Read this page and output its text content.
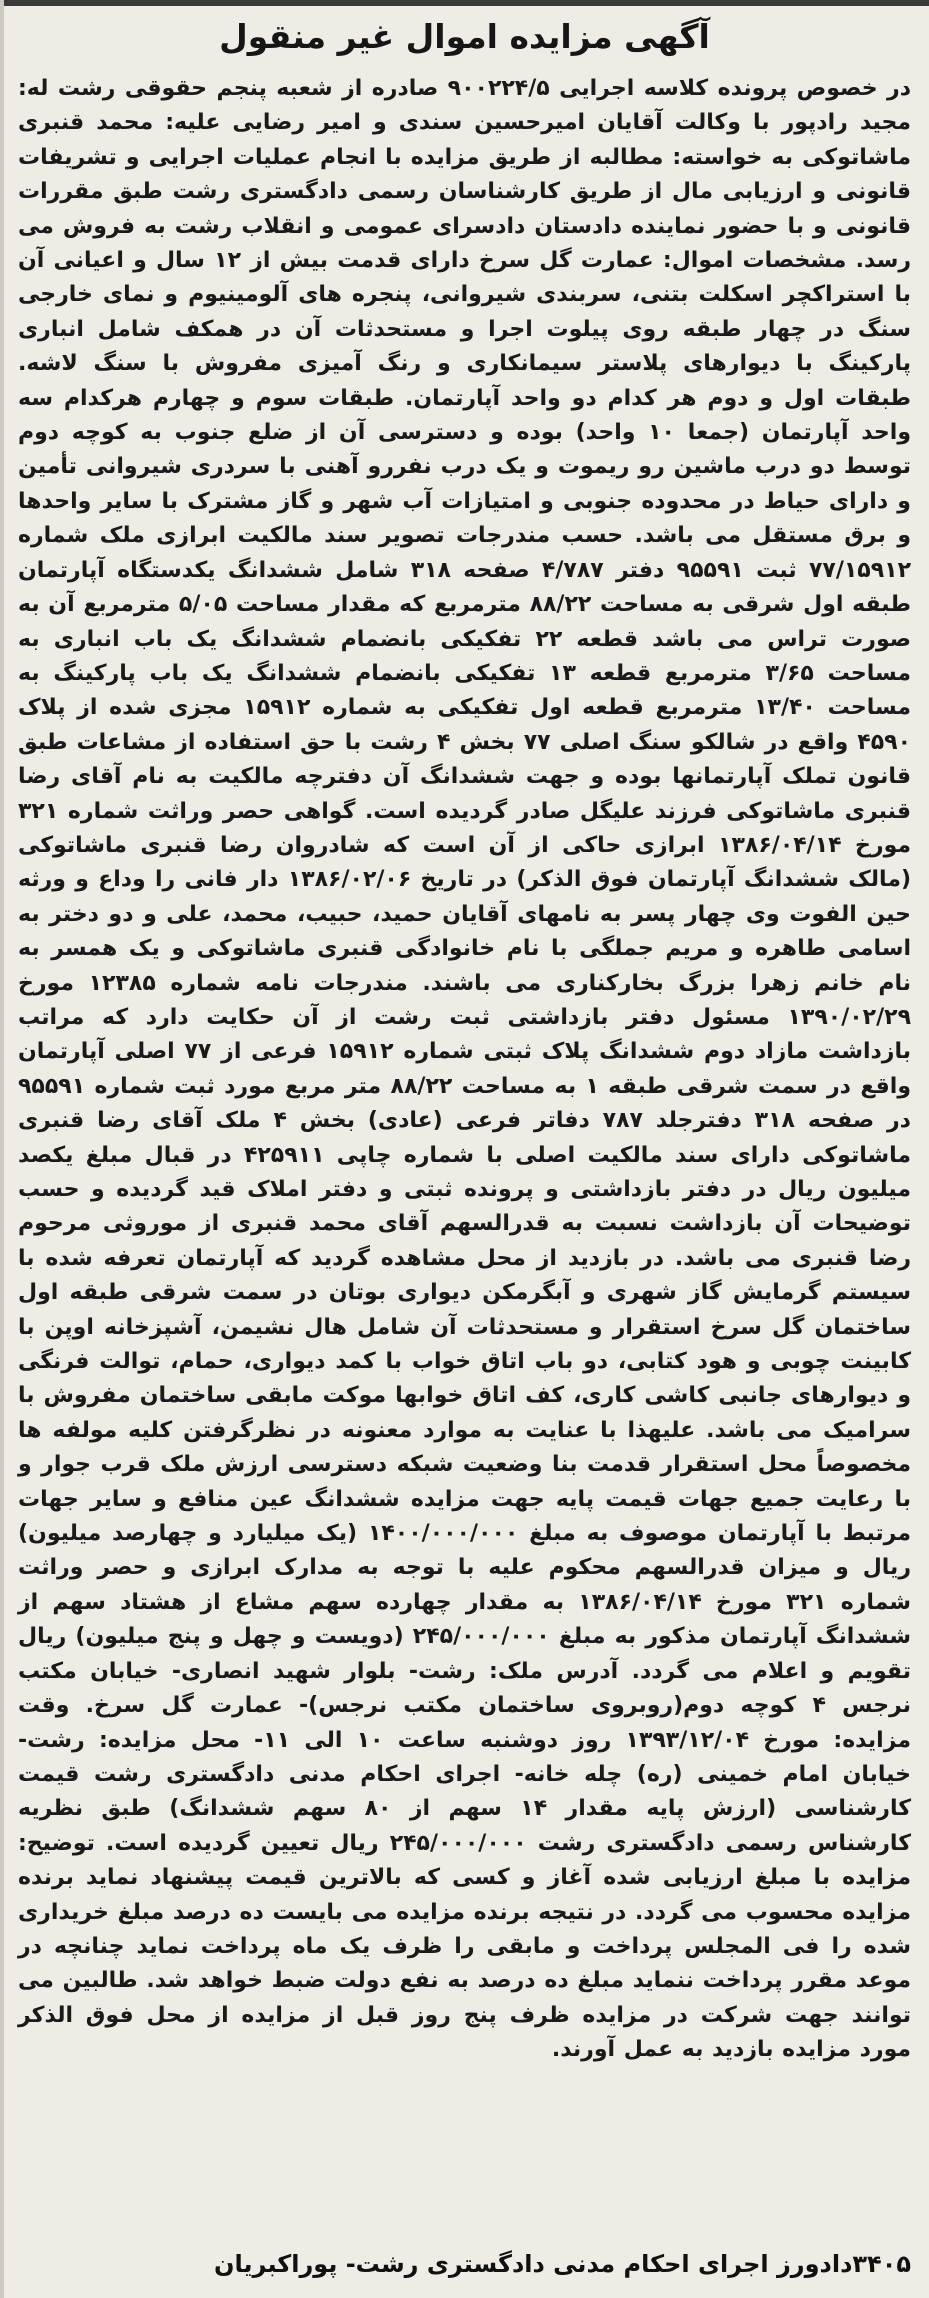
آگهی مزایده اموال غیر منقول
در خصوص پرونده کلاسه اجرایی ۹۰۰۲۲۴/۵ صادره از شعبه پنجم حقوقی رشت له: مجید رادپور با وکالت آقایان امیرحسین سندی و امیر رضایی علیه: محمد قنبری ماشاتوکی به خواسته: مطالبه از طریق مزایده با انجام عملیات اجرایی و تشریفات قانونی و ارزیابی مال از طریق کارشناسان رسمی دادگستری رشت طبق مقررات قانونی و با حضور نماینده دادستان دادسرای عمومی و انقلاب رشت به فروش می رسد. مشخصات اموال: عمارت گل سرخ دارای قدمت بیش از ۱۲ سال و اعیانی آن با استراکچر اسکلت بتنی، سربندی شیروانی، پنجره های آلومینیوم و نمای خارجی سنگ در چهار طبقه روی پیلوت اجرا و مستحدثات آن در همکف شامل انباری پارکینگ با دیوارهای پلاستر سیمانکاری و رنگ آمیزی مفروش با سنگ لاشه. طبقات اول و دوم هر کدام دو واحد آپارتمان. طبقات سوم و چهارم هرکدام سه واحد آپارتمان (جمعا ۱۰ واحد) بوده و دسترسی آن از ضلع جنوب به کوچه دوم توسط دو درب ماشین رو ریموت و یک درب نفررو آهنی با سردری شیروانی تأمین و دارای حیاط در محدوده جنوبی و امتیازات آب شهر و گاز مشترک با سایر واحدها و برق مستقل می باشد. حسب مندرجات تصویر سند مالکیت ابرازی ملک شماره ۷۷/۱۵۹۱۲ ثبت ۹۵۵۹۱ دفتر ۴/۷۸۷ صفحه ۳۱۸ شامل ششدانگ یکدستگاه آپارتمان طبقه اول شرقی به مساحت ۸۸/۲۲ مترمربع که مقدار مساحت ۵/۰۵ مترمربع آن به صورت تراس می باشد قطعه ۲۲ تفکیکی بانضمام ششدانگ یک باب انباری به مساحت ۳/۶۵ مترمربع قطعه ۱۳ تفکیکی بانضمام ششدانگ یک باب پارکینگ به مساحت ۱۳/۴۰ مترمربع قطعه اول تفکیکی به شماره ۱۵۹۱۲ مجزی شده از پلاک ۴۵۹۰ واقع در شالکو سنگ اصلی ۷۷ بخش ۴ رشت با حق استفاده از مشاعات طبق قانون تملک آپارتمانها بوده و جهت ششدانگ آن دفترچه مالکیت به نام آقای رضا قنبری ماشاتوکی فرزند علیگل صادر گردیده است. گواهی حصر وراثت شماره ۳۲۱ مورخ ۱۳۸۶/۰۴/۱۴ ابرازی حاکی از آن است که شادروان رضا قنبری ماشاتوکی (مالک ششدانگ آپارتمان فوق الذکر) در تاریخ ۱۳۸۶/۰۲/۰۶ دار فانی را وداع و ورثه حین الفوت وی چهار پسر به نامهای آقایان حمید، حبیب، محمد، علی و دو دختر به اسامی طاهره و مریم جملگی با نام خانوادگی قنبری ماشاتوکی و یک همسر به نام خانم زهرا بزرگ بخارکناری می باشند. مندرجات نامه شماره ۱۲۳۸۵ مورخ ۱۳۹۰/۰۲/۲۹ مسئول دفتر بازداشتی ثبت رشت از آن حکایت دارد که مراتب بازداشت مازاد دوم ششدانگ پلاک ثبتی شماره ۱۵۹۱۲ فرعی از ۷۷ اصلی آپارتمان واقع در سمت شرقی طبقه ۱ به مساحت ۸۸/۲۲ متر مربع مورد ثبت شماره ۹۵۵۹۱ در صفحه ۳۱۸ دفترجلد ۷۸۷ دفاتر فرعی (عادی) بخش ۴ ملک آقای رضا قنبری ماشاتوکی دارای سند مالکیت اصلی با شماره چاپی ۴۲۵۹۱۱ در قبال مبلغ یکصد میلیون ریال در دفتر بازداشتی و پرونده ثبتی و دفتر املاک قید گردیده و حسب توضیحات آن بازداشت نسبت به قدرالسهم آقای محمد قنبری از موروثی مرحوم رضا قنبری می باشد. در بازدید از محل مشاهده گردید که آپارتمان تعرفه شده با سیستم گرمایش گاز شهری و آبگرمکن دیواری بوتان در سمت شرقی طبقه اول ساختمان گل سرخ استقرار و مستحدثات آن شامل هال نشیمن، آشپزخانه اوپن با کابینت چوبی و هود کتابی، دو باب اتاق خواب با کمد دیواری، حمام، توالت فرنگی و دیوارهای جانبی کاشی کاری، کف اتاق خوابها موکت مابقی ساختمان مفروش با سرامیک می باشد. علیهذا با عنایت به موارد معنونه در نظرگرفتن کلیه مولفه ها مخصوصاً محل استقرار قدمت بنا وضعیت شبکه دسترسی ارزش ملک قرب جوار و با رعایت جمیع جهات قیمت پایه جهت مزایده ششدانگ عین منافع و سایر جهات مرتبط با آپارتمان موصوف به مبلغ ۱۴۰۰/۰۰۰/۰۰۰ (یک میلیارد و چهارصد میلیون) ریال و میزان قدرالسهم محکوم علیه با توجه به مدارک ابرازی و حصر وراثت شماره ۳۲۱ مورخ ۱۳۸۶/۰۴/۱۴ به مقدار چهارده سهم مشاع از هشتاد سهم از ششدانگ آپارتمان مذکور به مبلغ ۲۴۵/۰۰۰/۰۰۰ (دویست و چهل و پنج میلیون) ریال تقویم و اعلام می گردد. آدرس ملک: رشت- بلوار شهید انصاری- خیابان مکتب نرجس ۴ کوچه دوم(روبروی ساختمان مکتب نرجس)- عمارت گل سرخ. وقت مزایده: مورخ ۱۳۹۳/۱۲/۰۴ روز دوشنبه ساعت ۱۰ الی ۱۱- محل مزایده: رشت- خیابان امام خمینی (ره) چله خانه- اجرای احکام مدنی دادگستری رشت قیمت کارشناسی (ارزش پایه مقدار ۱۴ سهم از ۸۰ سهم ششدانگ) طبق نظریه کارشناس رسمی دادگستری رشت ۲۴۵/۰۰۰/۰۰۰ ریال تعیین گردیده است. توضیح: مزایده با مبلغ ارزیابی شده آغاز و کسی که بالاترین قیمت پیشنهاد نماید برنده مزایده محسوب می گردد. در نتیجه برنده مزایده می بایست ده درصد مبلغ خریداری شده را فی المجلس پرداخت و مابقی را ظرف یک ماه پرداخت نماید چنانچه در موعد مقرر پرداخت ننماید مبلغ ده درصد به نفع دولت ضبط خواهد شد. طالبین می توانند جهت شرکت در مزایده ظرف پنج روز قبل از مزایده از محل فوق الذکر مورد مزایده بازدید به عمل آورند.
۳۴۰۵دادورز اجرای احکام مدنی دادگستری رشت- پوراکبریان
